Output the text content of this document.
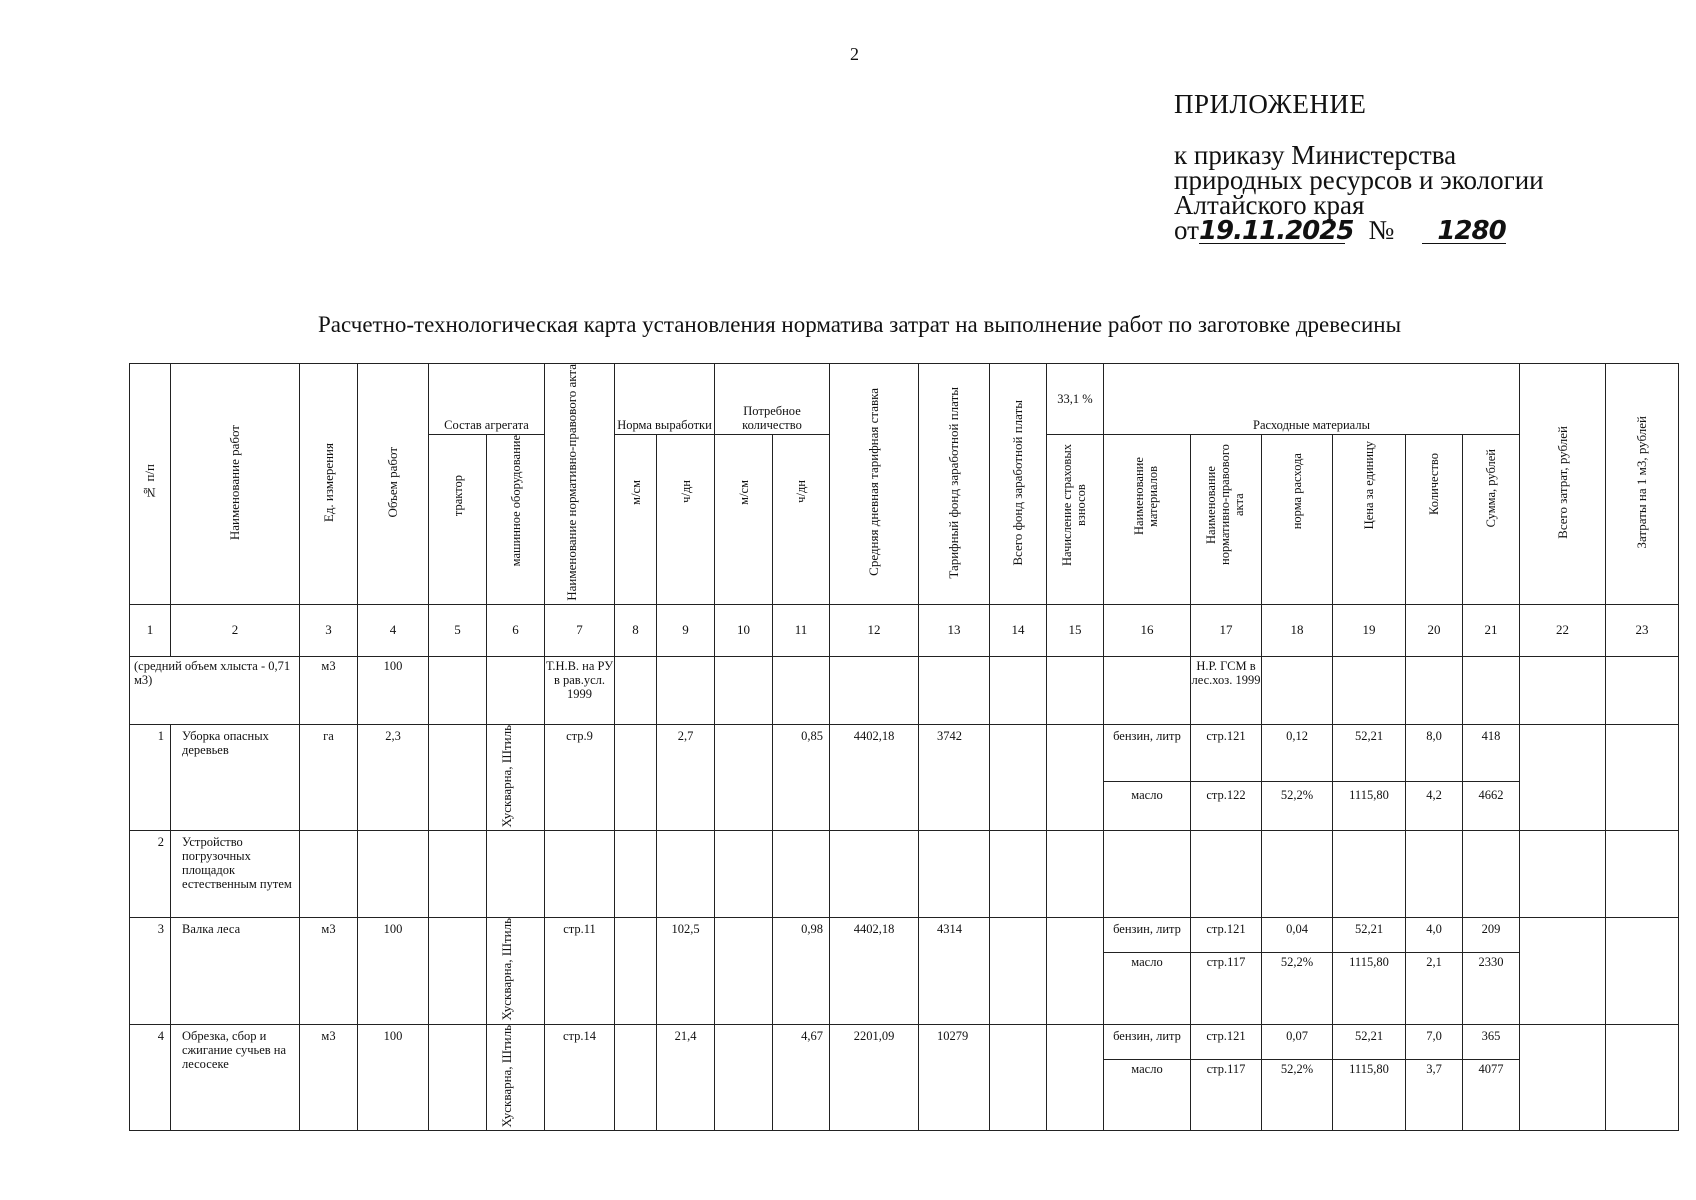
2
ПРИЛОЖЕНИЕ
к приказу Министерства
природных ресурсов и экологии
Алтайского края
от19.11.2025 № 1280
Расчетно-технологическая карта установления норматива затрат на выполнение работ по заготовке древесины
№ п/п	Наименование работ	Ед. измерения	Объем работ	Состав агрегата		Наименование нормативно-правового акта	Норма выработки		Потребное количество		Средняя дневная тарифная ставка	Тарифный фонд заработной платы	Всего фонд заработной платы	33,1 %	Расходные материалы						Всего затрат, рублей	Затраты на 1 м3, рублей
				трактор	машинное оборудование		м/см	ч/дн	м/см	ч/дн				Начисление страховых взносов	Наименование материалов	Наименование нормативно-правового акта	норма расхода	Цена за единицу	Количество	Сумма, рублей		
1	2	3	4	5	6	7	8	9	10	11	12	13	14	15	16	17	18	19	20	21	22	23
(средний объем хлыста - 0,71 м3)		м3	100			Т.Н.В. на РУ в рав.усл. 1999										Н.Р. ГСМ в лес.хоз. 1999						
1	Уборка опасных деревьев	га	2,3		Хускварна, Штиль	стр.9		2,7		0,85	4402,18	3742			бензин, литр	стр.121	0,12	52,21	8,0	418		
															масло	стр.122	52,2%	1115,80	4,2	4662		
2	Устройство погрузочных площадок естественным путем																					
3	Валка леса	м3	100		Хускварна, Штиль	стр.11		102,5		0,98	4402,18	4314			бензин, литр	стр.121	0,04	52,21	4,0	209		
															масло	стр.117	52,2%	1115,80	2,1	2330		
4	Обрезка, сбор и сжигание сучьев на лесосеке	м3	100		Хускварна, Штиль	стр.14		21,4		4,67	2201,09	10279			бензин, литр	стр.121	0,07	52,21	7,0	365		
															масло	стр.117	52,2%	1115,80	3,7	4077		
